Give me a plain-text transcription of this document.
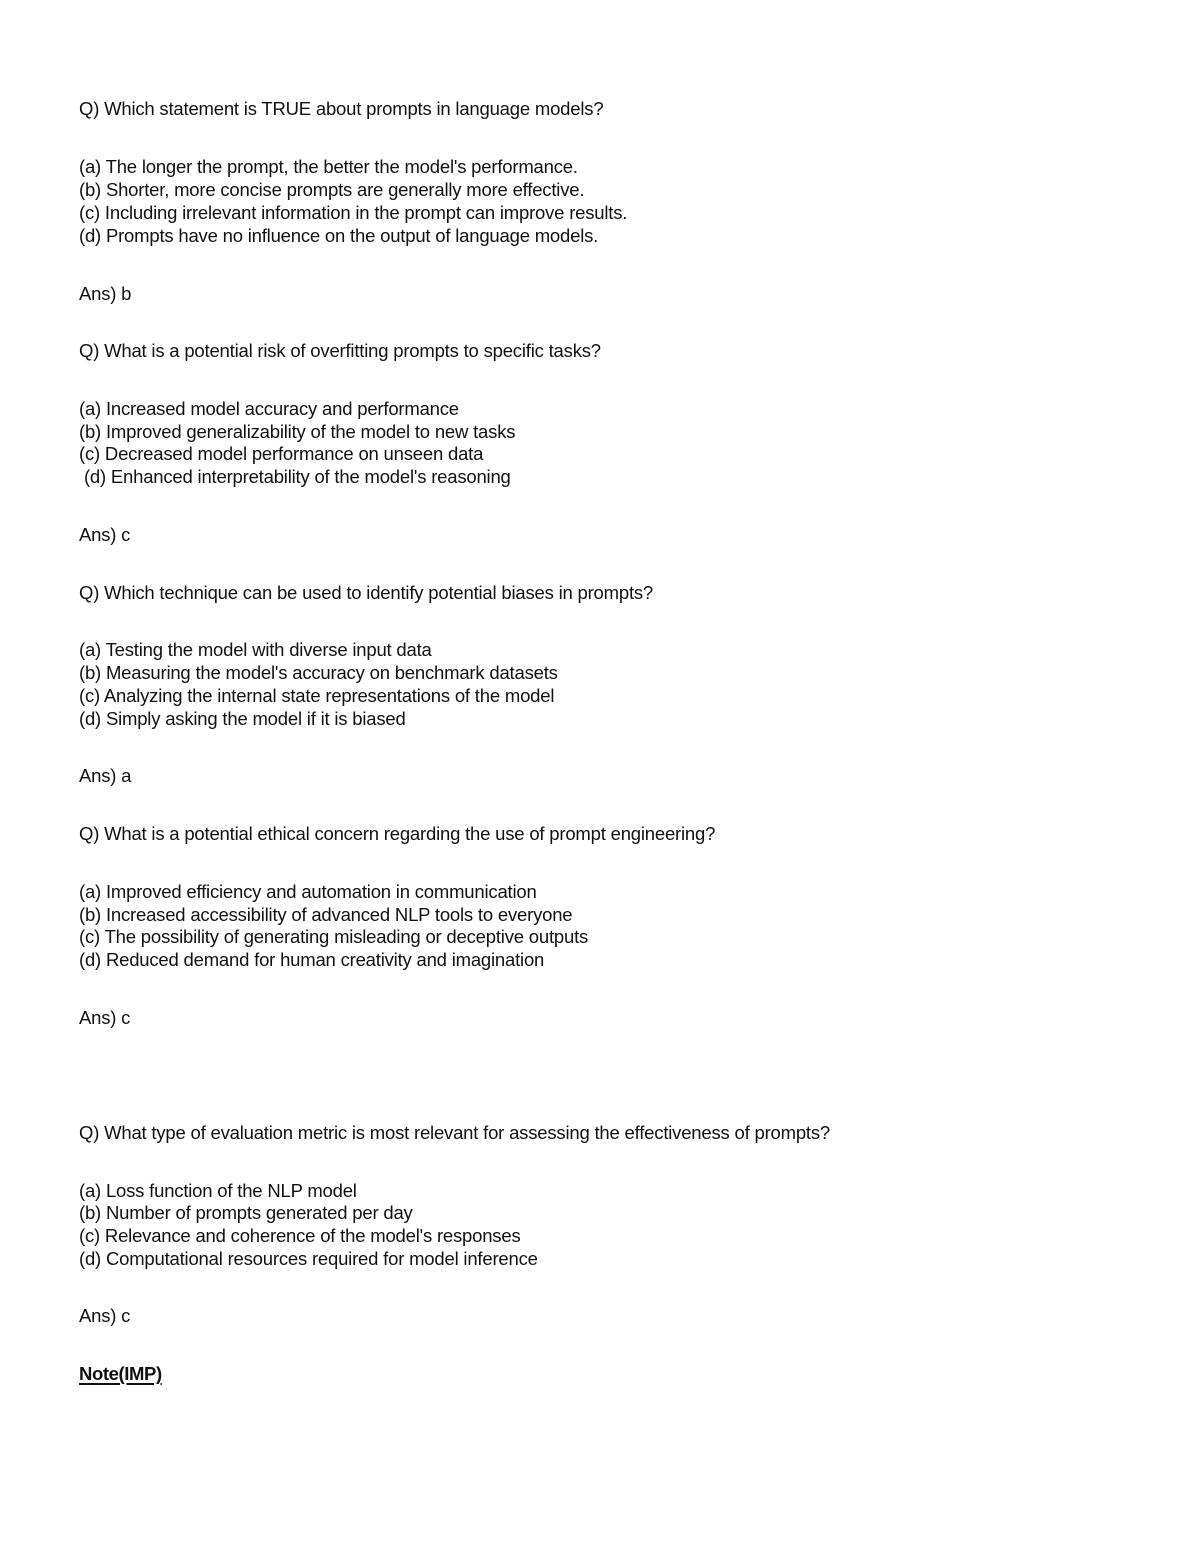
Q) Which statement is TRUE about prompts in language models?
(a) The longer the prompt, the better the model's performance.
(b) Shorter, more concise prompts are generally more effective.
(c) Including irrelevant information in the prompt can improve results.
(d) Prompts have no influence on the output of language models.
Ans) b
Q) What is a potential risk of overfitting prompts to specific tasks?
(a) Increased model accuracy and performance
(b) Improved generalizability of the model to new tasks
(c) Decreased model performance on unseen data
(d) Enhanced interpretability of the model's reasoning
Ans) c
Q) Which technique can be used to identify potential biases in prompts?
(a) Testing the model with diverse input data
(b) Measuring the model's accuracy on benchmark datasets
(c) Analyzing the internal state representations of the model
(d) Simply asking the model if it is biased
Ans) a
Q) What is a potential ethical concern regarding the use of prompt engineering?
(a) Improved efficiency and automation in communication
(b) Increased accessibility of advanced NLP tools to everyone
(c) The possibility of generating misleading or deceptive outputs
(d) Reduced demand for human creativity and imagination
Ans) c
Q) What type of evaluation metric is most relevant for assessing the effectiveness of prompts?
(a) Loss function of the NLP model
(b) Number of prompts generated per day
(c) Relevance and coherence of the model's responses
(d) Computational resources required for model inference
Ans) c
Note(IMP)
